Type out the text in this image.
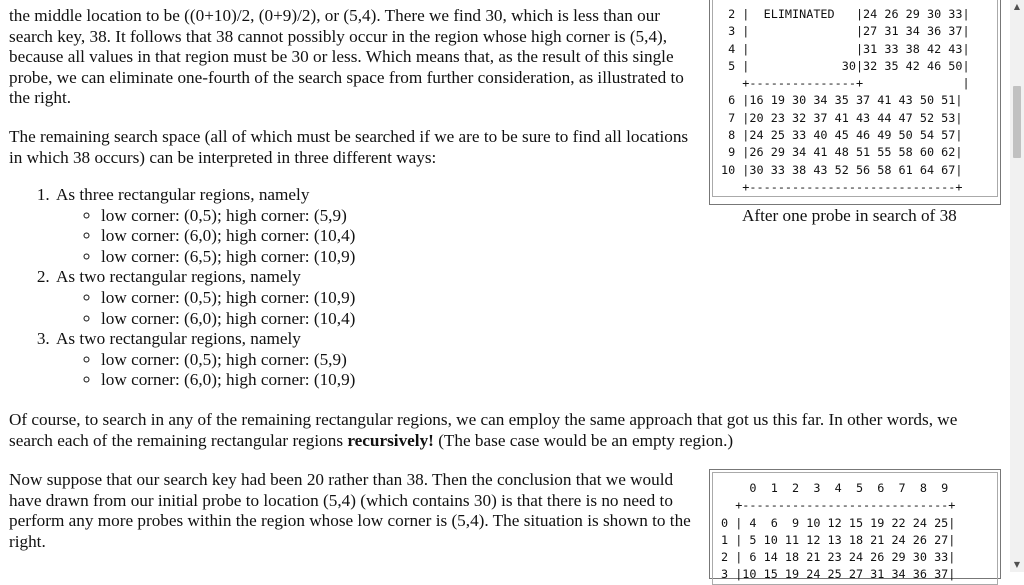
the middle location to be ((0+10)/2, (0+9)/2), or (5,4). There we find 30, which is less than our search key, 38. It follows that 38 cannot possibly occur in the region whose high corner is (5,4), because all values in that region must be 30 or less. Which means that, as the result of this single probe, we can eliminate one-fourth of the search space from further consideration, as illustrated to the right.

The remaining search space (all of which must be searched if we are to be sure to find all locations in which 38 occurs) can be interpreted in three different ways:

1. As three rectangular regions, namely
◦ low corner: (0,5); high corner: (5,9)
◦ low corner: (6,0); high corner: (10,4)
◦ low corner: (6,5); high corner: (10,9)
2. As two rectangular regions, namely
◦ low corner: (0,5); high corner: (10,9)
◦ low corner: (6,0); high corner: (10,4)
3. As two rectangular regions, namely
◦ low corner: (0,5); high corner: (5,9)
◦ low corner: (6,0); high corner: (10,9)

Of course, to search in any of the remaining rectangular regions, we can employ the same approach that got us this far. In other words, we search each of the remaining rectangular regions recursively! (The base case would be an empty region.)

Now suppose that our search key had been 20 rather than 38. Then the conclusion that we would have drawn from our initial probe to location (5,4) (which contains 30) is that there is no need to perform any more probes within the region whose low corner is (5,4). The situation is shown to the right.

2 |  ELIMINATED   |24 26 29 30 33|
3 |               |27 31 34 36 37|
4 |               |31 33 38 42 43|
5 |             30|32 35 42 46 50|
+---------------+              |
6 |16 19 30 34 35 37 41 43 50 51|
7 |20 23 32 37 41 43 44 47 52 53|
8 |24 25 33 40 45 46 49 50 54 57|
9 |26 29 34 41 48 51 55 58 60 62|
10 |30 33 38 43 52 56 58 61 64 67|
+-----------------------------+
After one probe in search of 38
0  1  2  3  4  5  6  7  8  9
+-----------------------------+
0 | 4  6  9 10 12 15 19 22 24 25|
1 | 5 10 11 12 13 18 21 24 26 27|
2 | 6 14 18 21 23 24 26 29 30 33|
3 |10 15 19 24 25 27 31 34 36 37|
▲
▼
